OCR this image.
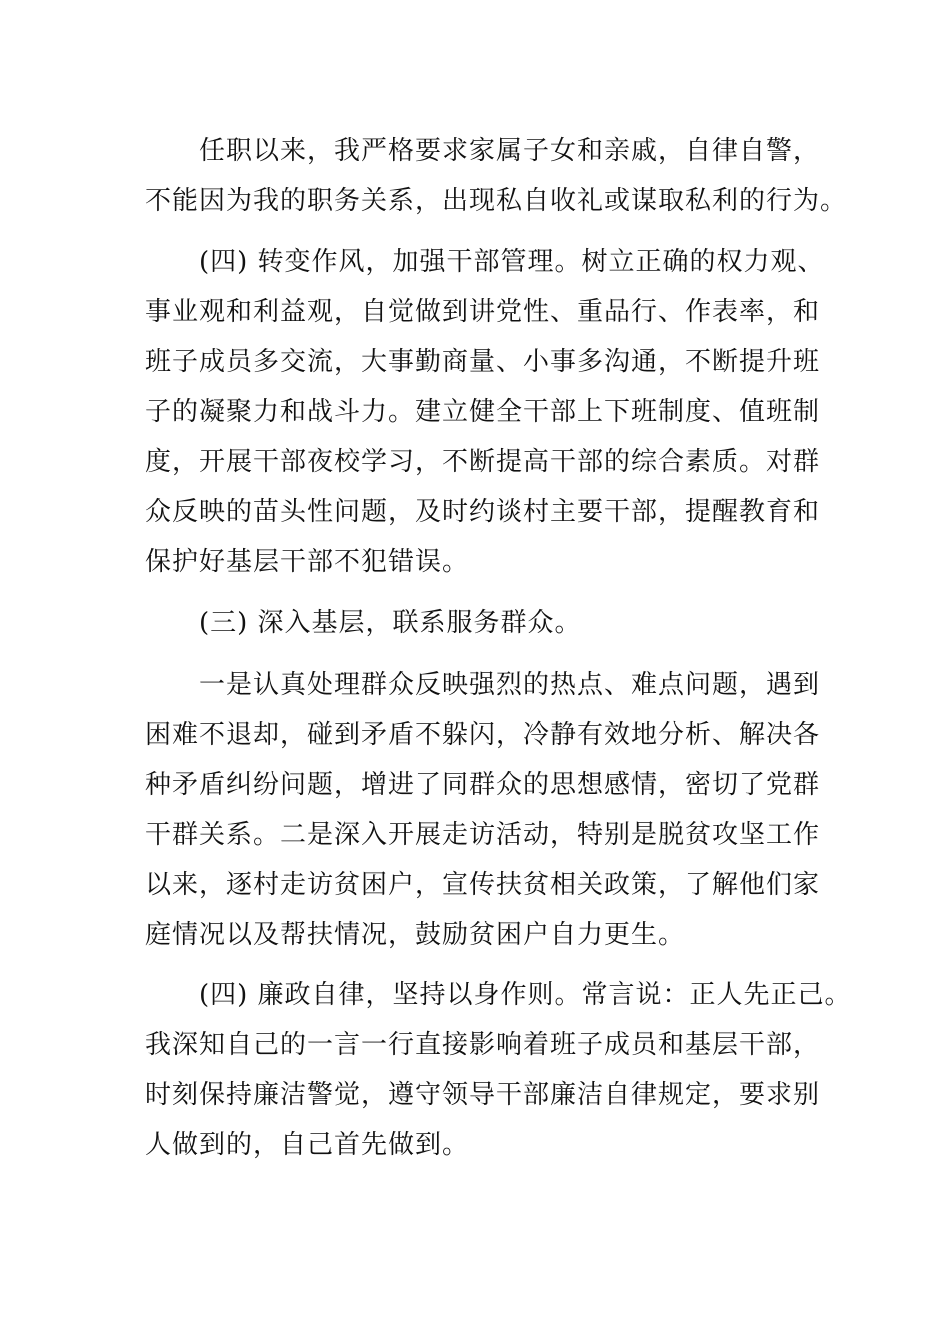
任职以来，我严格要求家属子女和亲戚，自律自警，
不能因为我的职务关系，出现私自收礼或谋取私利的行为。
(四) 转变作风，加强干部管理。树立正确的权力观、
事业观和利益观，自觉做到讲党性、重品行、作表率，和
班子成员多交流，大事勤商量、小事多沟通，不断提升班
子的凝聚力和战斗力。建立健全干部上下班制度、值班制
度，开展干部夜校学习，不断提高干部的综合素质。对群
众反映的苗头性问题，及时约谈村主要干部，提醒教育和
保护好基层干部不犯错误。
(三) 深入基层，联系服务群众。
一是认真处理群众反映强烈的热点、难点问题，遇到
困难不退却，碰到矛盾不躲闪，冷静有效地分析、解决各
种矛盾纠纷问题，增进了同群众的思想感情，密切了党群
干群关系。二是深入开展走访活动，特别是脱贫攻坚工作
以来，逐村走访贫困户，宣传扶贫相关政策，了解他们家
庭情况以及帮扶情况，鼓励贫困户自力更生。
(四) 廉政自律，坚持以身作则。常言说：正人先正己。
我深知自己的一言一行直接影响着班子成员和基层干部，
时刻保持廉洁警觉，遵守领导干部廉洁自律规定，要求别
人做到的，自己首先做到。
